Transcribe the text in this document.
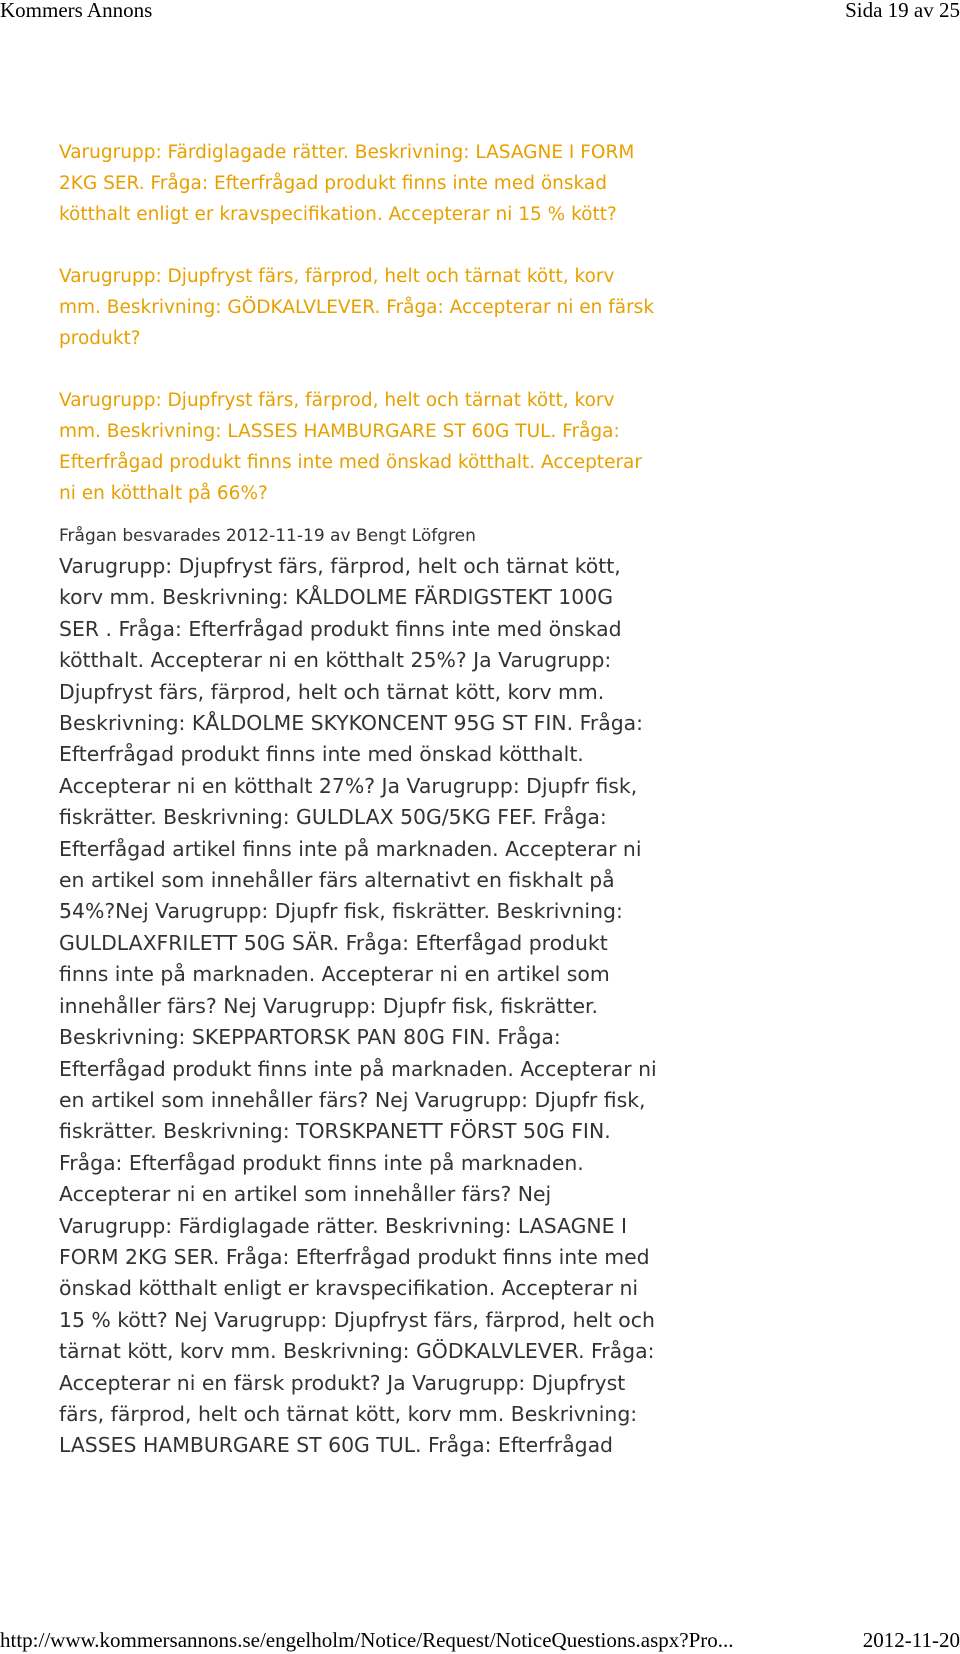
Kommers Annons	Sida 19 av 25

Varugrupp: Färdiglagade rätter. Beskrivning: LASAGNE I FORM 2KG SER. Fråga: Efterfrågad produkt finns inte med önskad kötthalt enligt er kravspecifikation. Accepterar ni 15 % kött?

Varugrupp: Djupfryst färs, färprod, helt och tärnat kött, korv mm. Beskrivning: GÖDKALVLEVER. Fråga: Accepterar ni en färsk produkt?

Varugrupp: Djupfryst färs, färprod, helt och tärnat kött, korv mm. Beskrivning: LASSES HAMBURGARE ST 60G TUL. Fråga: Efterfrågad produkt finns inte med önskad kötthalt. Accepterar ni en kötthalt på 66%?

Frågan besvarades 2012-11-19 av Bengt Löfgren

Varugrupp: Djupfryst färs, färprod, helt och tärnat kött, korv mm. Beskrivning: KÅLDOLME FÄRDIGSTEKT 100G SER . Fråga: Efterfrågad produkt finns inte med önskad kötthalt. Accepterar ni en kötthalt 25%? Ja Varugrupp: Djupfryst färs, färprod, helt och tärnat kött, korv mm. Beskrivning: KÅLDOLME SKYKONCENT 95G ST FIN. Fråga: Efterfrågad produkt finns inte med önskad kötthalt. Accepterar ni en kötthalt 27%? Ja Varugrupp: Djupfr fisk, fiskrätter. Beskrivning: GULDLAX 50G/5KG FEF. Fråga: Efterfågad artikel finns inte på marknaden. Accepterar ni en artikel som innehåller färs alternativt en fiskhalt på 54%?Nej Varugrupp: Djupfr fisk, fiskrätter. Beskrivning: GULDLAXFRILETT 50G SÄR. Fråga: Efterfågad produkt finns inte på marknaden. Accepterar ni en artikel som innehåller färs? Nej Varugrupp: Djupfr fisk, fiskrätter. Beskrivning: SKEPPARTORSK PAN 80G FIN. Fråga: Efterfågad produkt finns inte på marknaden. Accepterar ni en artikel som innehåller färs? Nej Varugrupp: Djupfr fisk, fiskrätter. Beskrivning: TORSKPANETT FÖRST 50G FIN. Fråga: Efterfågad produkt finns inte på marknaden. Accepterar ni en artikel som innehåller färs? Nej Varugrupp: Färdiglagade rätter. Beskrivning: LASAGNE I FORM 2KG SER. Fråga: Efterfrågad produkt finns inte med önskad kötthalt enligt er kravspecifikation. Accepterar ni 15 % kött? Nej Varugrupp: Djupfryst färs, färprod, helt och tärnat kött, korv mm. Beskrivning: GÖDKALVLEVER. Fråga: Accepterar ni en färsk produkt? Ja Varugrupp: Djupfryst färs, färprod, helt och tärnat kött, korv mm. Beskrivning: LASSES HAMBURGARE ST 60G TUL. Fråga: Efterfrågad

http://www.kommersannons.se/engelholm/Notice/Request/NoticeQuestions.aspx?Pro...	2012-11-20
